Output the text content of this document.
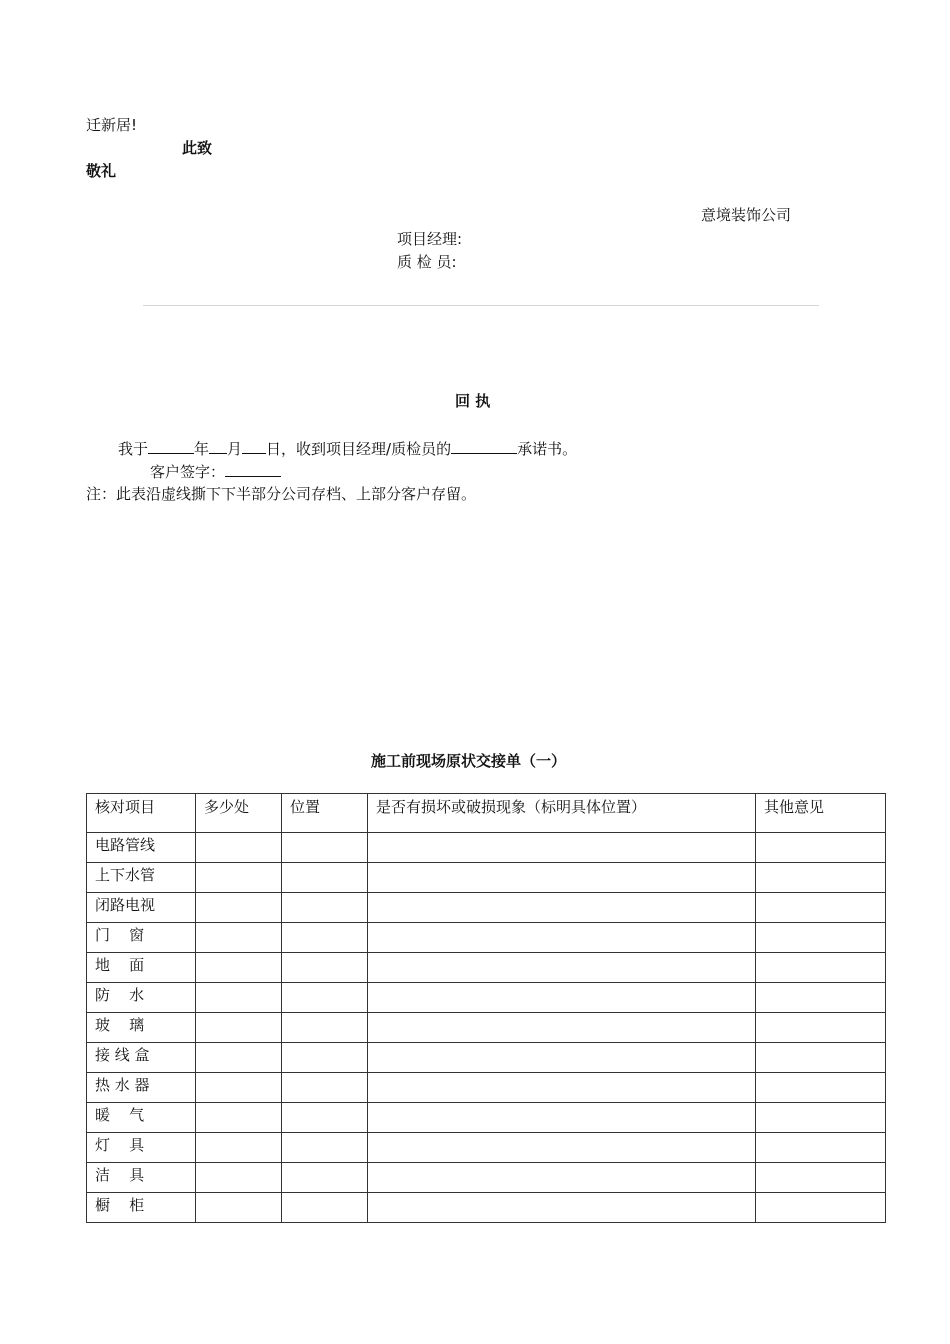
迁新居!
此致
敬礼
意境装饰公司
项目经理:
质 检 员:
回 执
我于	年 月 日，收到项目经理/质检员的	承诺书。
客户签字：
注：此表沿虚线撕下下半部分公司存档、上部分客户存留。
施工前现场原状交接单（一）
核对项目	多少处	位置	是否有损坏或破损现象（标明具体位置）	其他意见
电路管线				
上下水管				
闭路电视				
门    窗				
地    面				
防    水				
玻    璃				
接 线 盒				
热 水 器				
暖    气				
灯    具				
洁    具				
橱    柜				
